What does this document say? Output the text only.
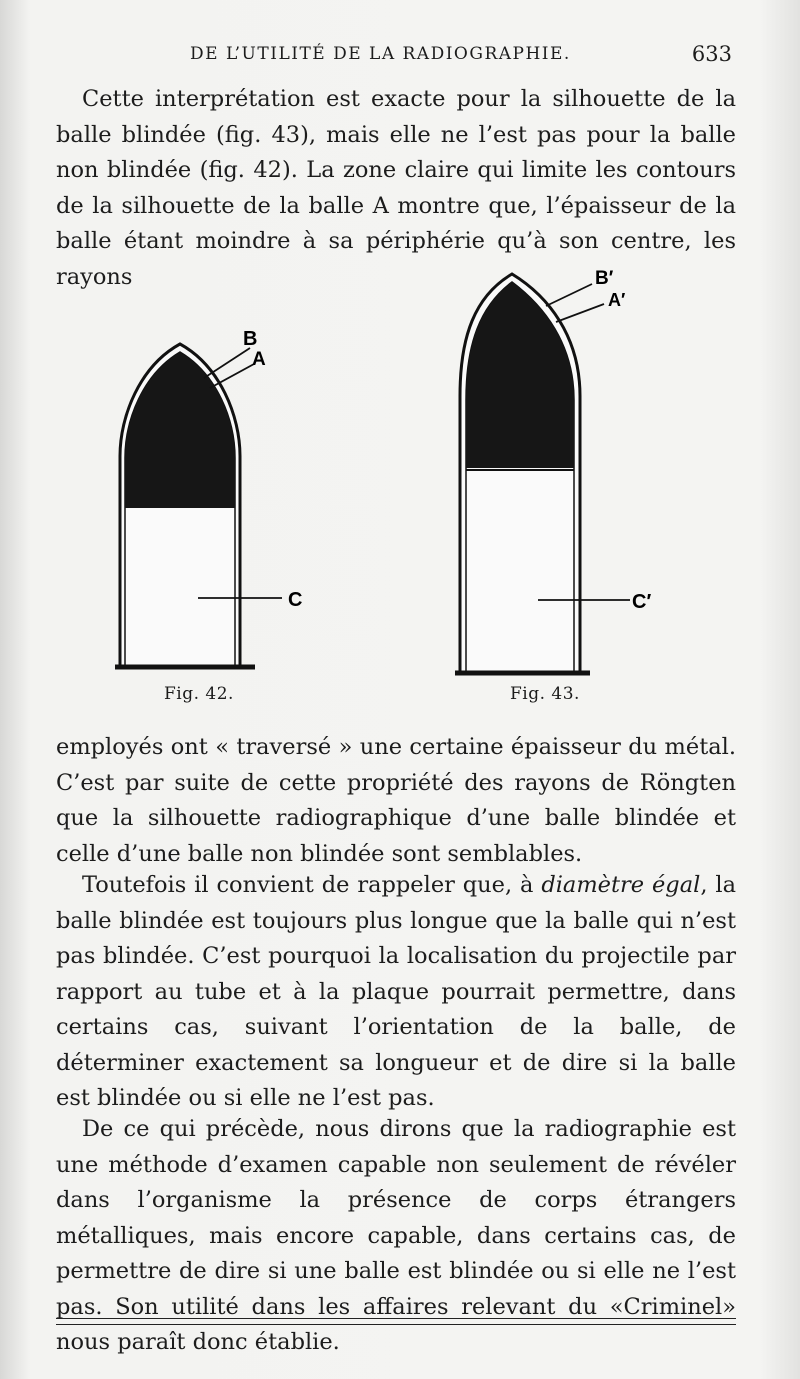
DE L’UTILITÉ DE LA RADIOGRAPHIE.	633

Cette interprétation est exacte pour la silhouette de la balle blindée (fig. 43), mais elle ne l’est pas pour la balle non blindée (fig. 42). La zone claire qui limite les contours de la silhouette de la balle A montre que, l’épaisseur de la balle étant moindre à sa périphérie qu’à son centre, les rayons

B
A
C
B′
A′
C′
Fig. 42.	Fig. 43.

employés ont « traversé » une certaine épaisseur du métal. C’est par suite de cette propriété des rayons de Röngten que la silhouette radiographique d’une balle blindée et celle d’une balle non blindée sont semblables.

Toutefois il convient de rappeler que, à diamètre égal, la balle blindée est toujours plus longue que la balle qui n’est pas blindée. C’est pourquoi la localisation du projectile par rapport au tube et à la plaque pourrait permettre, dans certains cas, suivant l’orientation de la balle, de déterminer exactement sa longueur et de dire si la balle est blindée ou si elle ne l’est pas.

De ce qui précède, nous dirons que la radiographie est une méthode d’examen capable non seulement de révéler dans l’organisme la présence de corps étrangers métalliques, mais encore capable, dans certains cas, de permettre de dire si une balle est blindée ou si elle ne l’est pas. Son utilité dans les affaires relevant du «Criminel» nous paraît donc établie.
